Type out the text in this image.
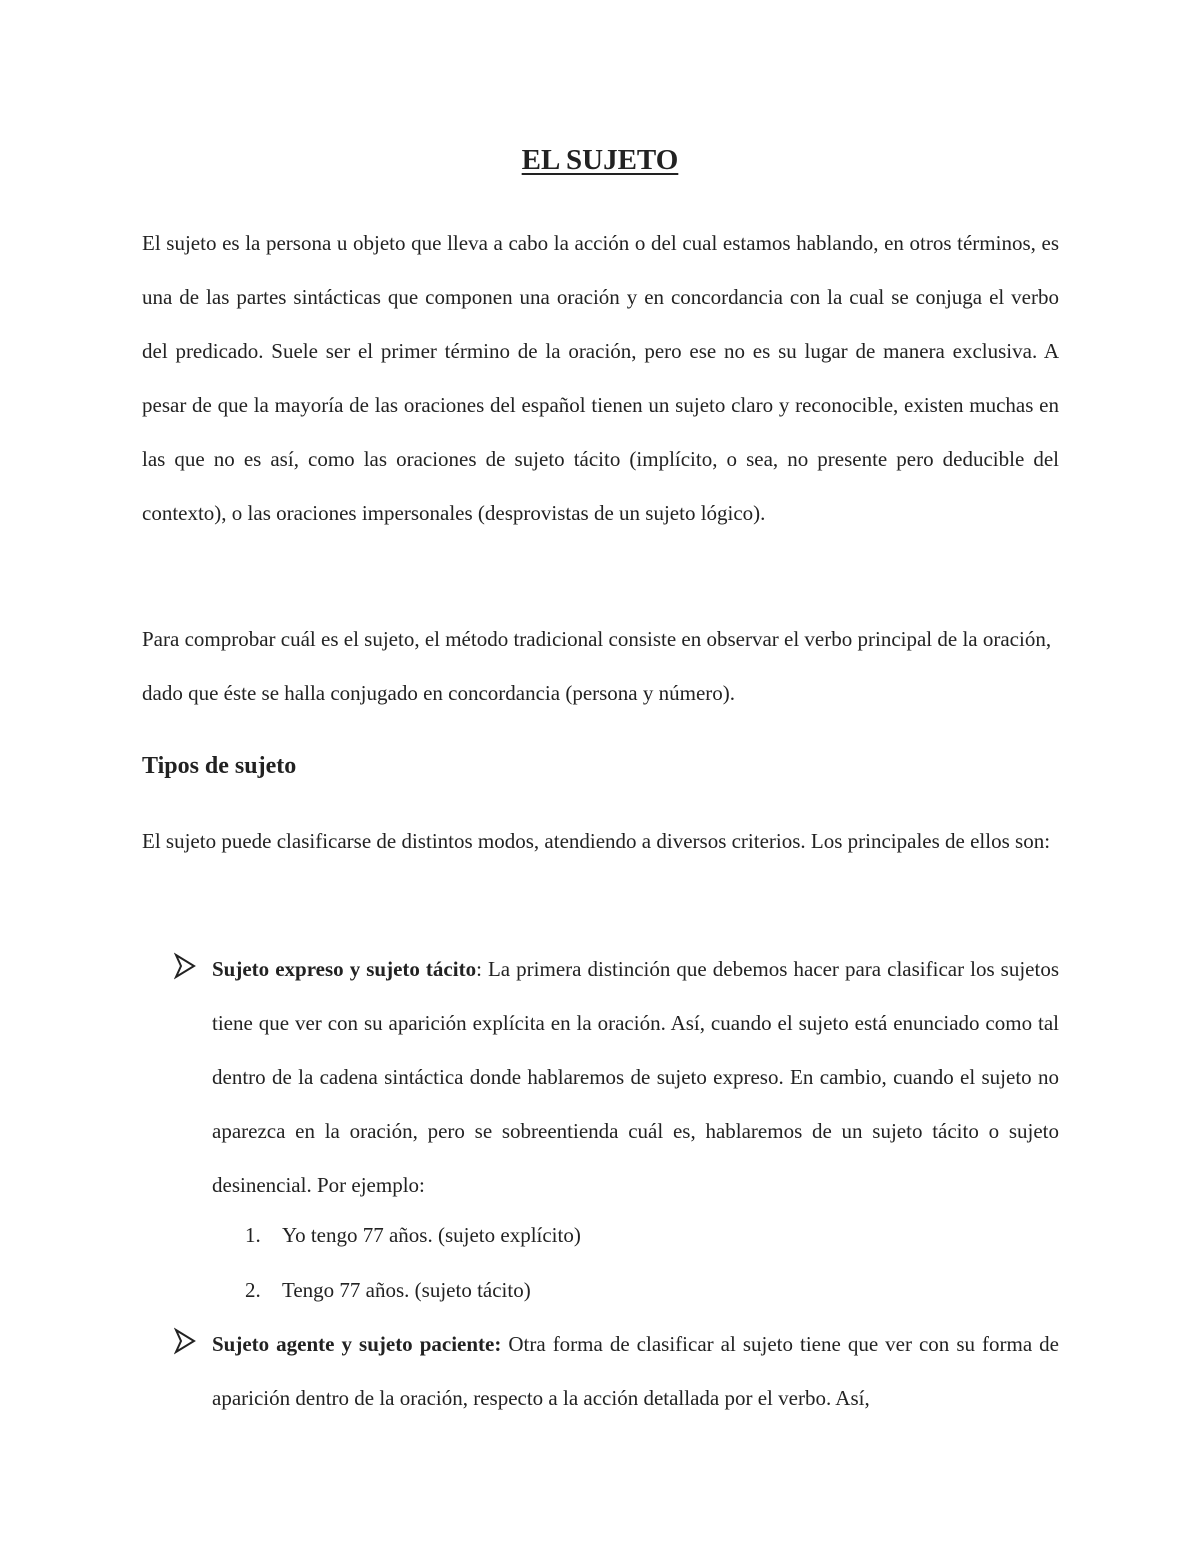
EL SUJETO

El sujeto es la persona u objeto que lleva a cabo la acción o del cual estamos hablando, en otros términos, es una de las partes sintácticas que componen una oración y en concordancia con la cual se conjuga el verbo del predicado. Suele ser el primer término de la oración, pero ese no es su lugar de manera exclusiva. A pesar de que la mayoría de las oraciones del español tienen un sujeto claro y reconocible, existen muchas en las que no es así, como las oraciones de sujeto tácito (implícito, o sea, no presente pero deducible del contexto), o las oraciones impersonales (desprovistas de un sujeto lógico).

Para comprobar cuál es el sujeto, el método tradicional consiste en observar el verbo principal de la oración, dado que éste se halla conjugado en concordancia (persona y número).

Tipos de sujeto

El sujeto puede clasificarse de distintos modos, atendiendo a diversos criterios. Los principales de ellos son:

Sujeto expreso y sujeto tácito: La primera distinción que debemos hacer para clasificar los sujetos tiene que ver con su aparición explícita en la oración. Así, cuando el sujeto está enunciado como tal dentro de la cadena sintáctica donde hablaremos de sujeto expreso. En cambio, cuando el sujeto no aparezca en la oración, pero se sobreentienda cuál es, hablaremos de un sujeto tácito o sujeto desinencial. Por ejemplo:
1. Yo tengo 77 años. (sujeto explícito)
2. Tengo 77 años. (sujeto tácito)
Sujeto agente y sujeto paciente: Otra forma de clasificar al sujeto tiene que ver con su forma de aparición dentro de la oración, respecto a la acción detallada por el verbo. Así,
